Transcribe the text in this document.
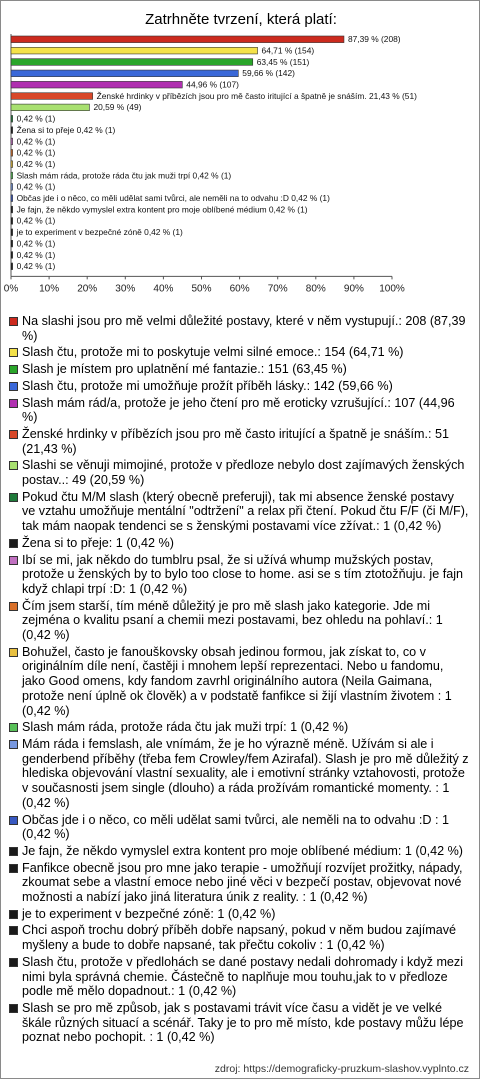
Zatrhněte tvrzení, která platí:
87,39 % (208)
64,71 % (154)
63,45 % (151)
59,66 % (142)
44,96 % (107)
Ženské hrdinky v příbězích jsou pro mě často iritující a špatně je snáším. 21,43 % (51)
20,59 % (49)
0,42 % (1)
Žena si to přeje 0,42 % (1)
0,42 % (1)
0,42 % (1)
0,42 % (1)
Slash mám ráda, protože ráda čtu jak muži trpí 0,42 % (1)
0,42 % (1)
Občas jde i o něco, co měli udělat sami tvůrci, ale neměli na to odvahu :D 0,42 % (1)
Je fajn, že někdo vymyslel extra kontent pro moje oblíbené médium 0,42 % (1)
0,42 % (1)
je to experiment v bezpečné zóně 0,42 % (1)
0,42 % (1)
0,42 % (1)
0,42 % (1)
0% 10% 20% 30% 40% 50% 60% 70% 80% 90% 100%
Na slashi jsou pro mě velmi důležité postavy, které v něm vystupují.: 208 (87,39 %)
Slash čtu, protože mi to poskytuje velmi silné emoce.: 154 (64,71 %)
Slash je místem pro uplatnění mé fantazie.: 151 (63,45 %)
Slash čtu, protože mi umožňuje prožít příběh lásky.: 142 (59,66 %)
Slash mám rád/a, protože je jeho čtení pro mě eroticky vzrušující.: 107 (44,96 %)
Ženské hrdinky v příbězích jsou pro mě často iritující a špatně je snáším.: 51 (21,43 %)
Slashi se věnuji mimojiné, protože v předloze nebylo dost zajímavých ženských postav..: 49 (20,59 %)
Pokud čtu M/M slash (který obecně preferuji), tak mi absence ženské postavy ve vztahu umožňuje mentální "odtržení" a relax při čtení. Pokud čtu F/F (či M/F), tak mám naopak tendenci se s ženskými postavami více zžívat.: 1 (0,42 %)
Žena si to přeje: 1 (0,42 %)
Ibí se mi, jak někdo do tumblru psal, že si užívá whump mužských postav, protože u ženských by to bylo too close to home. asi se s tím ztotožňuju. je fajn když chlapi trpí :D: 1 (0,42 %)
Čím jsem starší, tím méně důležitý je pro mě slash jako kategorie. Jde mi zejména o kvalitu psaní a chemii mezi postavami, bez ohledu na pohlaví.: 1 (0,42 %)
Bohužel, často je fanouškovsky obsah jedinou formou, jak získat to, co v originálním díle není, častěji i mnohem lepší reprezentaci. Nebo u fandomu, jako Good omens, kdy fandom zavrhl originálního autora (Neila Gaimana, protože není úplně ok člověk) a v podstatě fanfikce si žijí vlastním životem : 1 (0,42 %)
Slash mám ráda, protože ráda čtu jak muži trpí: 1 (0,42 %)
Mám ráda i femslash, ale vnímám, že je ho výrazně méně. Užívám si ale i genderbend příběhy (třeba fem Crowley/fem Azirafal). Slash je pro mě důležitý z hlediska objevování vlastní sexuality, ale i emotivní stránky vztahovosti, protože v současnosti jsem single (dlouho) a ráda prožívám romantické momenty. : 1 (0,42 %)
Občas jde i o něco, co měli udělat sami tvůrci, ale neměli na to odvahu :D : 1 (0,42 %)
Je fajn, že někdo vymyslel extra kontent pro moje oblíbené médium: 1 (0,42 %)
Fanfikce obecně jsou pro mne jako terapie - umožňují rozvíjet prožitky, nápady, zkoumat sebe a vlastní emoce nebo jiné věci v bezpečí postav, objevovat nové možnosti a nabízí jako jiná literatura únik z reality. : 1 (0,42 %)
je to experiment v bezpečné zóně: 1 (0,42 %)
Chci aspoň trochu dobrý příběh dobře napsaný, pokud v něm budou zajímavé myšleny a bude to dobře napsané, tak přečtu cokoliv : 1 (0,42 %)
Slash čtu, protože v předlohách se dané postavy nedali dohromady i když mezi nimi byla správná chemie. Částečně to naplňuje mou touhu,jak to v předloze podle mě mělo dopadnout.: 1 (0,42 %)
Slash se pro mě způsob, jak s postavami trávit více času a vidět je ve velké škále různých situací a scénář. Taky je to pro mě místo, kde postavy můžu lépe poznat nebo pochopit. : 1 (0,42 %)
zdroj: https://demograficky-pruzkum-slashov.vyplnto.cz
